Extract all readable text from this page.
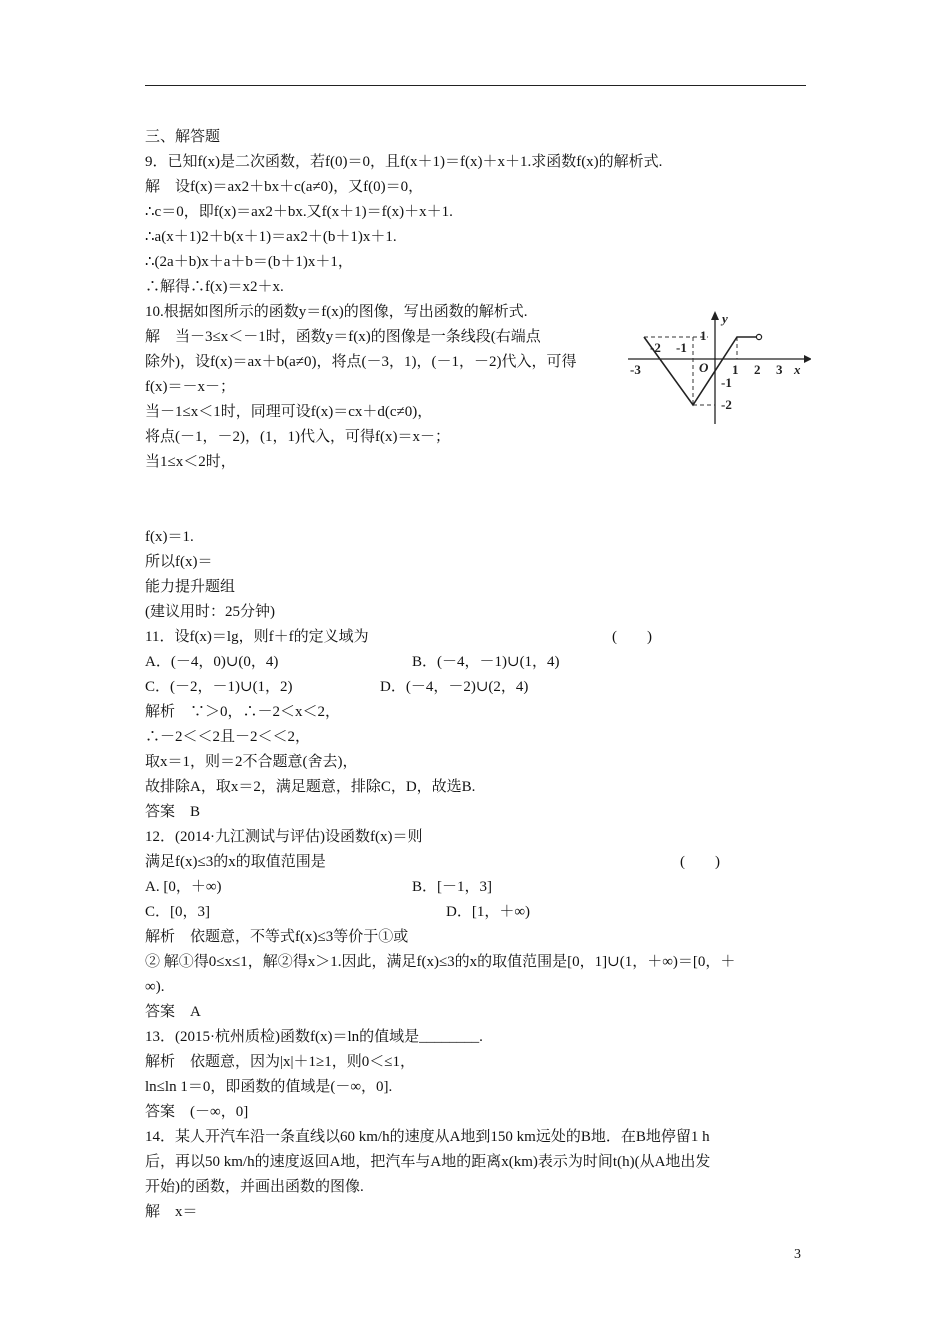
三、解答题
9．已知f(x)是二次函数，若f(0)＝0，且f(x＋1)＝f(x)＋x＋1.求函数f(x)的解析式.
解　设f(x)＝ax2＋bx＋c(a≠0)，又f(0)＝0，
∴c＝0，即f(x)＝ax2＋bx.又f(x＋1)＝f(x)＋x＋1.
∴a(x＋1)2＋b(x＋1)＝ax2＋(b＋1)x＋1.
∴(2a＋b)x＋a＋b＝(b＋1)x＋1，
∴解得∴f(x)＝x2＋x.
10.根据如图所示的函数y＝f(x)的图像，写出函数的解析式.
解　当－3≤x＜－1时，函数y＝f(x)的图像是一条线段(右端点
除外)，设f(x)＝ax＋b(a≠0)，将点(－3，1)，(－1，－2)代入，可得
f(x)＝－x－；
当－1≤x＜1时，同理可设f(x)＝cx＋d(c≠0)，
将点(－1，－2)，(1，1)代入，可得f(x)＝x－；
当1≤x＜2时，
f(x)＝1.
所以f(x)＝
y
x
O
-3
-2 -1
1
1 2 3
-1
-2
能力提升题组
(建议用时：25分钟)
11．设f(x)＝lg，则f＋f的定义域为	(　　)
A．(－4，0)∪(0，4)	B．(－4，－1)∪(1，4)
C．(－2，－1)∪(1，2)	D．(－4，－2)∪(2，4)
解析　∵＞0，∴－2＜x＜2，
∴－2＜＜2且－2＜＜2，
取x＝1，则＝2不合题意(舍去)，
故排除A，取x＝2，满足题意，排除C，D，故选B.
答案　B
12．(2014·九江测试与评估)设函数f(x)＝则
满足f(x)≤3的x的取值范围是	(　　)
A. [0，＋∞)	B．[－1，3]
C．[0，3]	D．[1，＋∞)
解析　依题意，不等式f(x)≤3等价于①或
② 解①得0≤x≤1，解②得x＞1.因此，满足f(x)≤3的x的取值范围是[0，1]∪(1，＋∞)＝[0，＋
∞).
答案　A
13．(2015·杭州质检)函数f(x)＝ln的值域是________.
解析　依题意，因为|x|＋1≥1，则0＜≤1，
ln≤ln 1＝0，即函数的值域是(－∞，0].
答案　(－∞，0]
14．某人开汽车沿一条直线以60 km/h的速度从A地到150 km远处的B地．在B地停留1 h
后，再以50 km/h的速度返回A地，把汽车与A地的距离x(km)表示为时间t(h)(从A地出发
开始)的函数，并画出函数的图像.
解　x＝
3
